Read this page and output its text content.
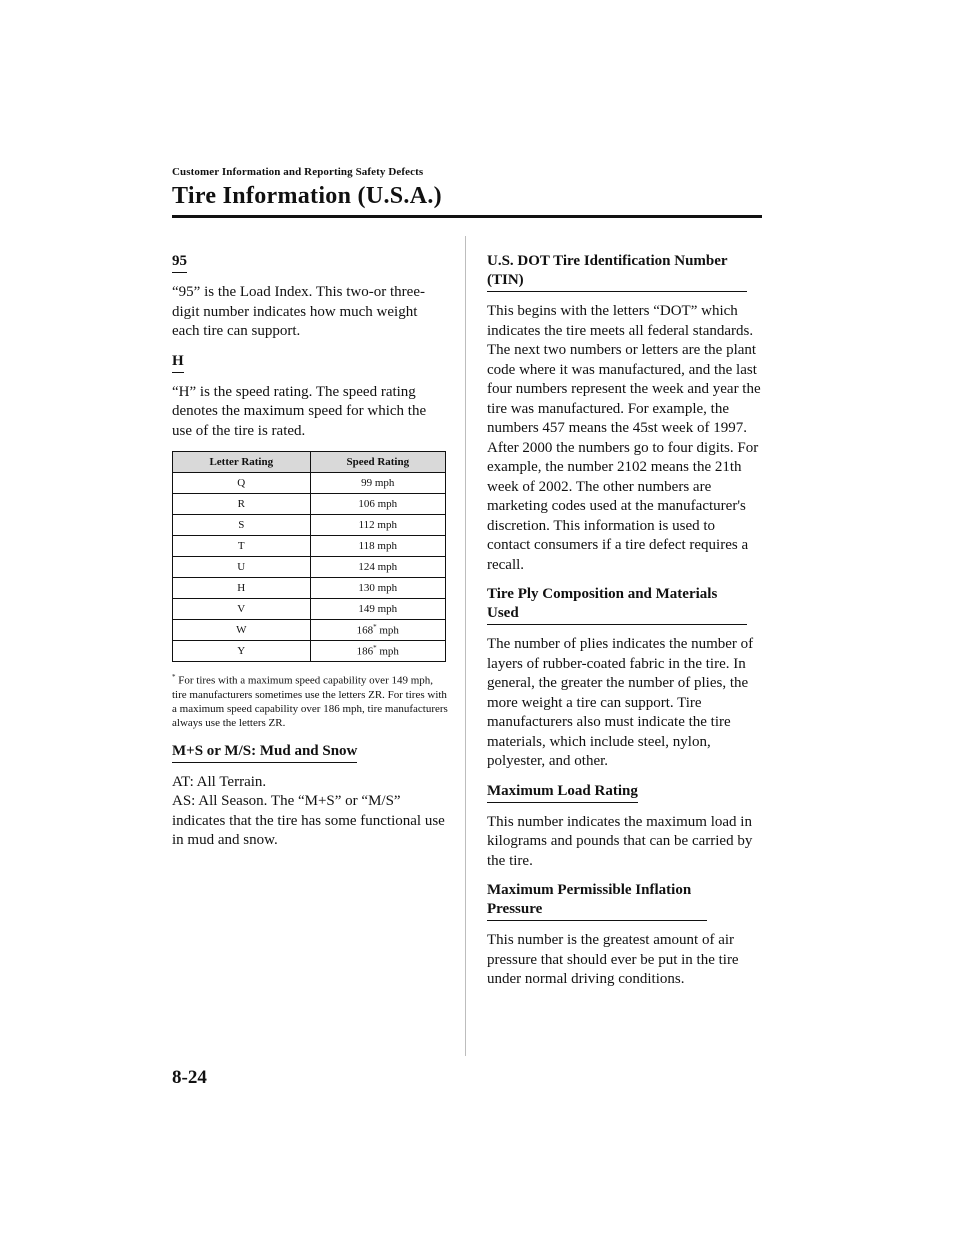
Customer Information and Reporting Safety Defects
Tire Information (U.S.A.)
95

“95” is the Load Index. This two-or three-digit number indicates how much weight each tire can support.

H

“H” is the speed rating. The speed rating denotes the maximum speed for which the use of the tire is rated.

Letter Rating	Speed Rating
Q	99 mph
R	106 mph
S	112 mph
T	118 mph
U	124 mph
H	130 mph
V	149 mph
W	168* mph
Y	186* mph

* For tires with a maximum speed capability over 149 mph, tire manufacturers sometimes use the letters ZR. For tires with a maximum speed capability over 186 mph, tire manufacturers always use the letters ZR.

M+S or M/S: Mud and Snow

AT: All Terrain.

AS: All Season. The “M+S” or “M/S” indicates that the tire has some functional use in mud and snow.

U.S. DOT Tire Identification Number (TIN)

This begins with the letters “DOT” which indicates the tire meets all federal standards. The next two numbers or letters are the plant code where it was manufactured, and the last four numbers represent the week and year the tire was manufactured. For example, the numbers 457 means the 45st week of 1997. After 2000 the numbers go to four digits. For example, the number 2102 means the 21th week of 2002. The other numbers are marketing codes used at the manufacturer's discretion. This information is used to contact consumers if a tire defect requires a recall.

Tire Ply Composition and Materials Used

The number of plies indicates the number of layers of rubber-coated fabric in the tire. In general, the greater the number of plies, the more weight a tire can support. Tire manufacturers also must indicate the tire materials, which include steel, nylon, polyester, and other.

Maximum Load Rating

This number indicates the maximum load in kilograms and pounds that can be carried by the tire.

Maximum Permissible Inflation Pressure

This number is the greatest amount of air pressure that should ever be put in the tire under normal driving conditions.

8-24
